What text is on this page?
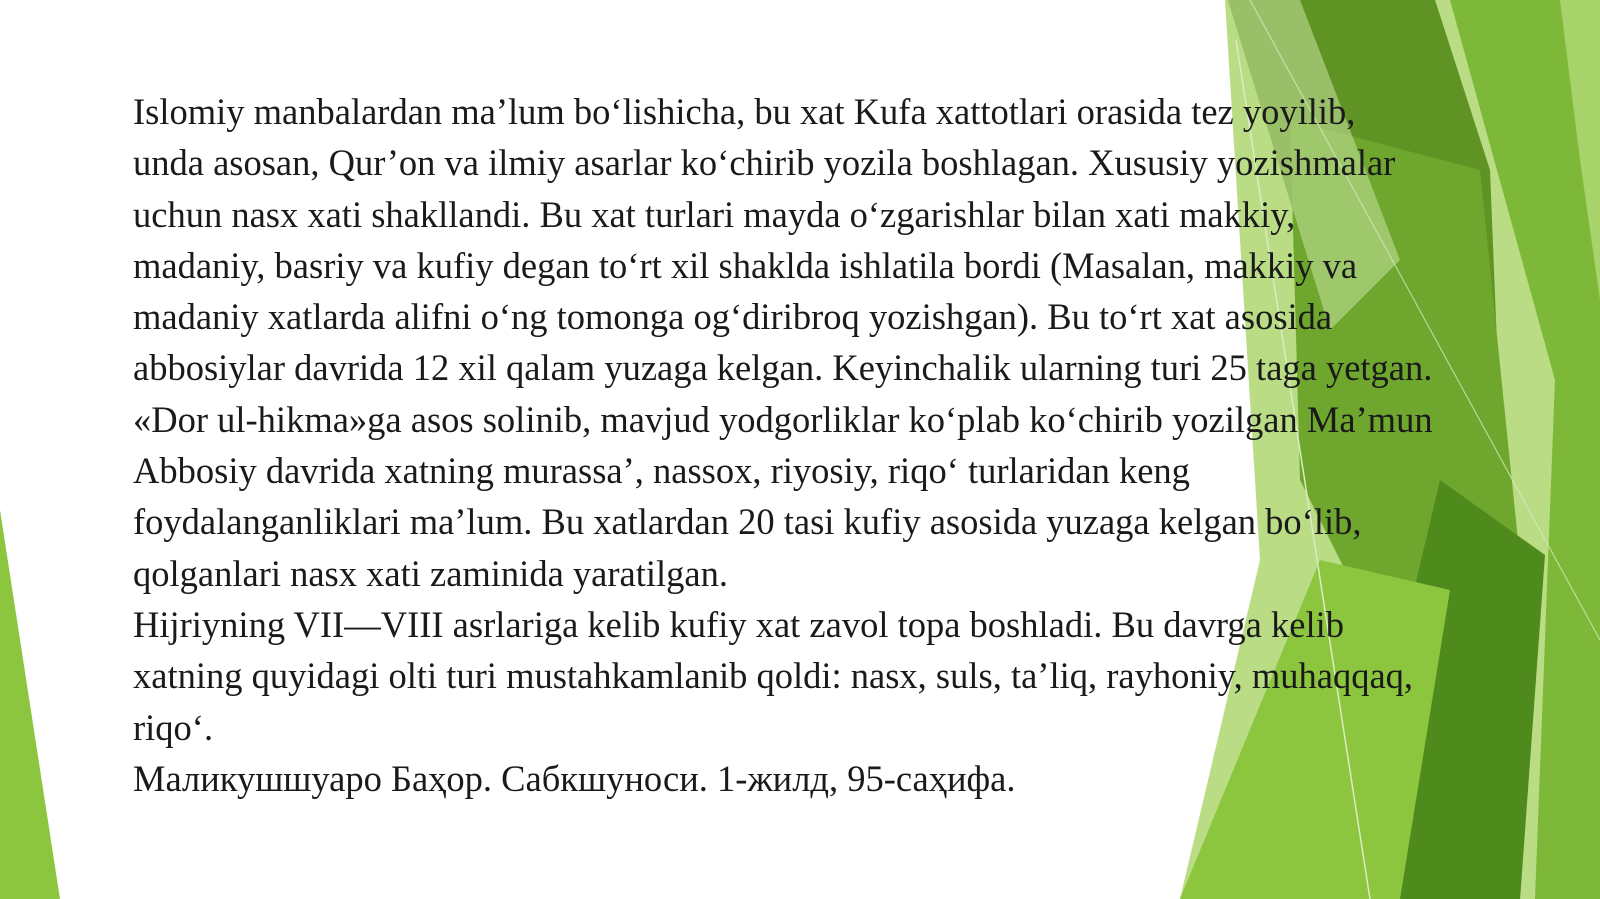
Islomiy manbalardan ma’lum bo‘lishicha, bu xat Kufa xattotlari orasida tez yoyilib, unda asosan, Qur’on va ilmiy asarlar ko‘chirib yozila boshlagan. Xususiy yozishmalar uchun nasx xati shakllandi. Bu xat turlari mayda o‘zgarishlar bilan xati makkiy, madaniy, basriy va kufiy degan to‘rt xil shaklda ishlatila bordi (Masalan, makkiy va madaniy xatlarda alifni o‘ng tomonga og‘diribroq yozishgan). Bu to‘rt xat asosida abbosiylar davrida 12 xil qalam yuzaga kelgan. Keyinchalik ularning turi 25 taga yetgan. «Dor ul-hikma»ga asos solinib, mavjud yodgorliklar ko‘plab ko‘chirib yozilgan Ma’mun Abbosiy davrida xatning murassa’, nassox, riyosiy, riqo‘ turlaridan keng foydalanganliklari ma’lum. Bu xatlardan 20 tasi kufiy asosida yuzaga kelgan bo‘lib, qolganlari nasx xati zaminida yaratilgan.

Hijriyning VII—VIII asrlariga kelib kufiy xat zavol topa boshladi. Bu davrga kelib xatning quyidagi olti turi mustahkamlanib qoldi: nasx, suls, ta’liq, rayhoniy, muhaqqaq, riqo‘.

Маликушшуаро Баҳор. Сабкшуноси. 1-жилд, 95-саҳифа.
